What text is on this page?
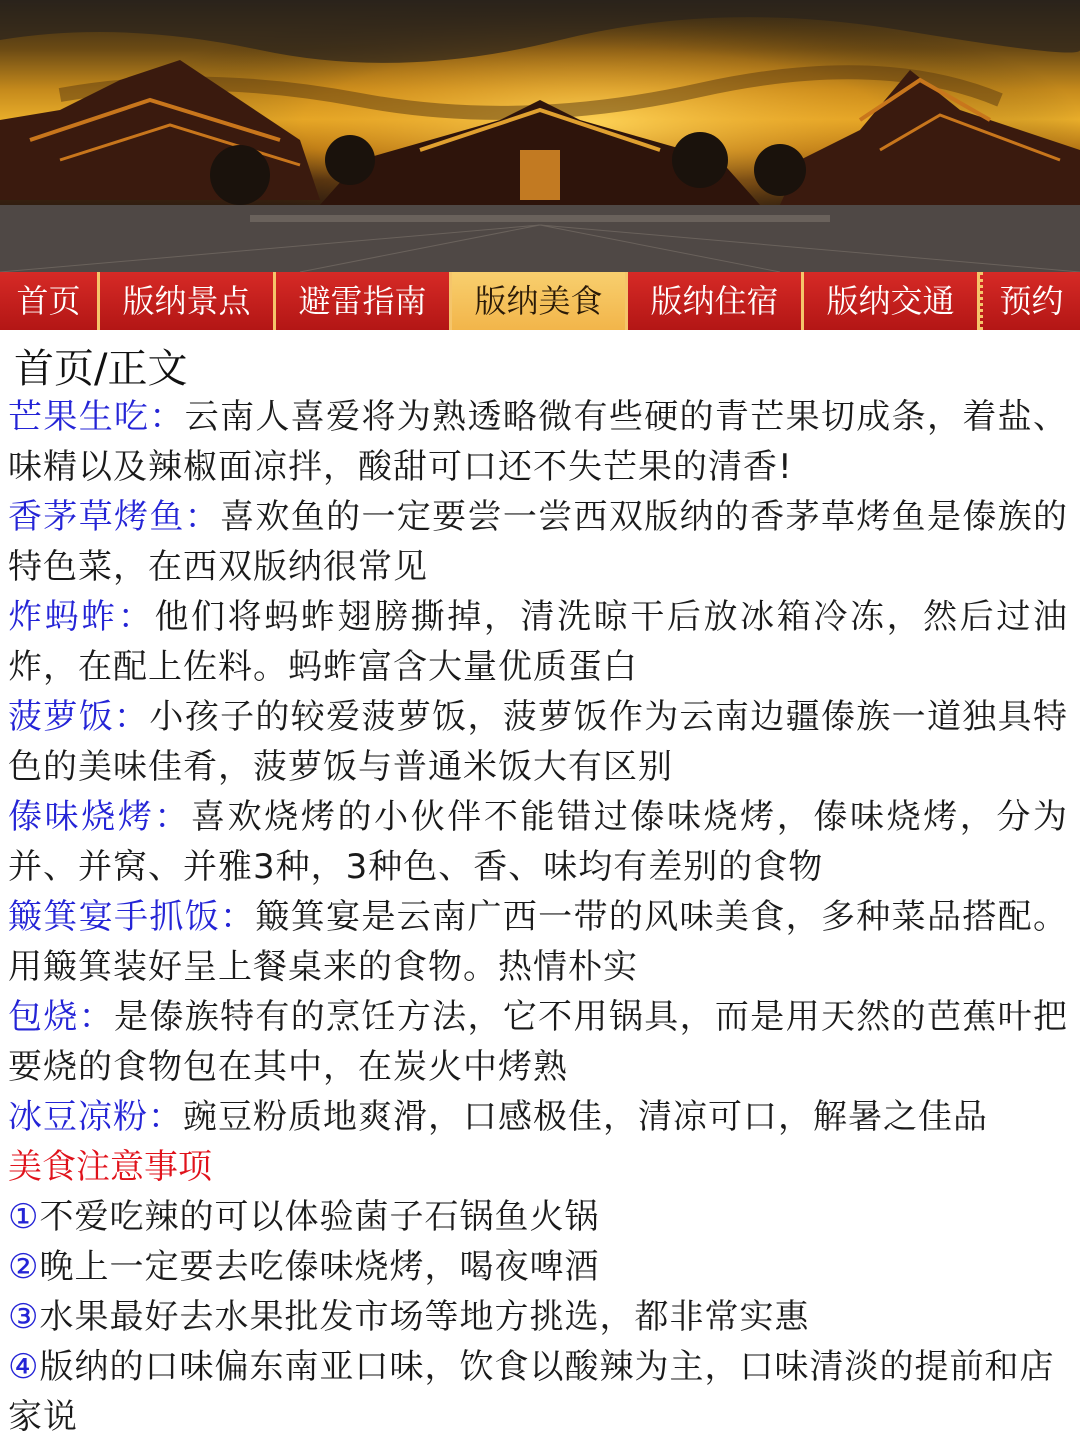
首页	版纳景点	避雷指南	版纳美食	版纳住宿	版纳交通	预约
首页/正文

芒果生吃：云南人喜爱将为熟透略微有些硬的青芒果切成条，着盐、味精以及辣椒面凉拌，酸甜可口还不失芒果的清香!

香茅草烤鱼：喜欢鱼的一定要尝一尝西双版纳的香茅草烤鱼是傣族的特色菜，在西双版纳很常见

炸蚂蚱：他们将蚂蚱翅膀撕掉，清洗晾干后放冰箱冷冻，然后过油炸，在配上佐料。蚂蚱富含大量优质蛋白

菠萝饭：小孩子的较爱菠萝饭，菠萝饭作为云南边疆傣族一道独具特色的美味佳肴，菠萝饭与普通米饭大有区别

傣味烧烤：喜欢烧烤的小伙伴不能错过傣味烧烤，傣味烧烤，分为并、并窝、并雅3种，3种色、香、味均有差别的食物

簸箕宴手抓饭：簸箕宴是云南广西一带的风味美食，多种菜品搭配。用簸箕装好呈上餐桌来的食物。热情朴实

包烧：是傣族特有的烹饪方法，它不用锅具，而是用天然的芭蕉叶把要烧的食物包在其中，在炭火中烤熟

冰豆凉粉：豌豆粉质地爽滑，口感极佳，清凉可口，解暑之佳品

美食注意事项

①不爱吃辣的可以体验菌子石锅鱼火锅

②晚上一定要去吃傣味烧烤，喝夜啤酒

③水果最好去水果批发市场等地方挑选，都非常实惠

④版纳的口味偏东南亚口味，饮食以酸辣为主，口味清淡的提前和店家说
